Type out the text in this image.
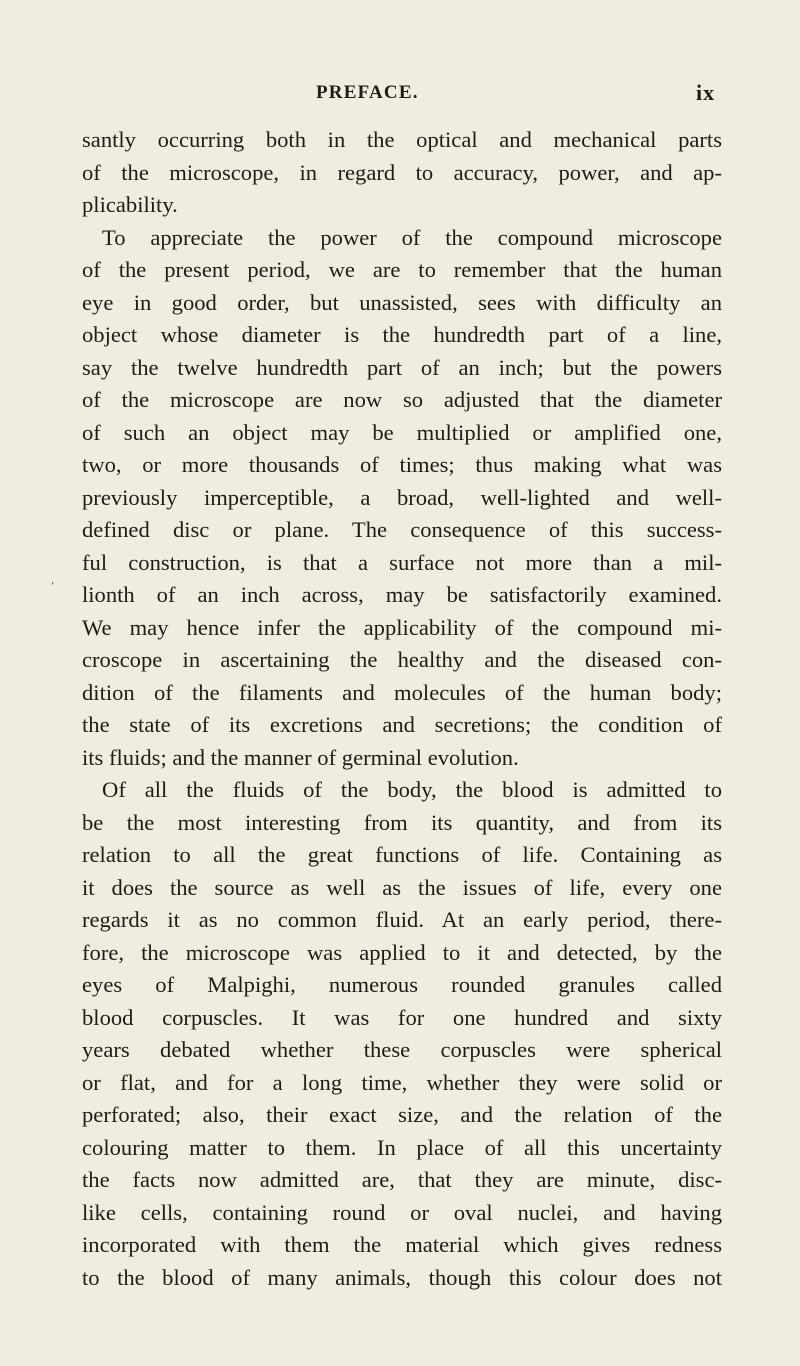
PREFACE.	ix
ˌ
santly occurring both in the optical and mechanical parts
of the microscope, in regard to accuracy, power, and ap-
plicability.
To appreciate the power of the compound microscope
of the present period, we are to remember that the human
eye in good order, but unassisted, sees with difficulty an
object whose diameter is the hundredth part of a line,
say the twelve hundredth part of an inch; but the powers
of the microscope are now so adjusted that the diameter
of such an object may be multiplied or amplified one,
two, or more thousands of times; thus making what was
previously imperceptible, a broad, well-lighted and well-
defined disc or plane. The consequence of this success-
ful construction, is that a surface not more than a mil-
lionth of an inch across, may be satisfactorily examined.
We may hence infer the applicability of the compound mi-
croscope in ascertaining the healthy and the diseased con-
dition of the filaments and molecules of the human body;
the state of its excretions and secretions; the condition of
its fluids; and the manner of germinal evolution.
Of all the fluids of the body, the blood is admitted to
be the most interesting from its quantity, and from its
relation to all the great functions of life. Containing as
it does the source as well as the issues of life, every one
regards it as no common fluid. At an early period, there-
fore, the microscope was applied to it and detected, by the
eyes of Malpighi, numerous rounded granules called
blood corpuscles. It was for one hundred and sixty
years debated whether these corpuscles were spherical
or flat, and for a long time, whether they were solid or
perforated; also, their exact size, and the relation of the
colouring matter to them. In place of all this uncertainty
the facts now admitted are, that they are minute, disc-
like cells, containing round or oval nuclei, and having
incorporated with them the material which gives redness
to the blood of many animals, though this colour does not
